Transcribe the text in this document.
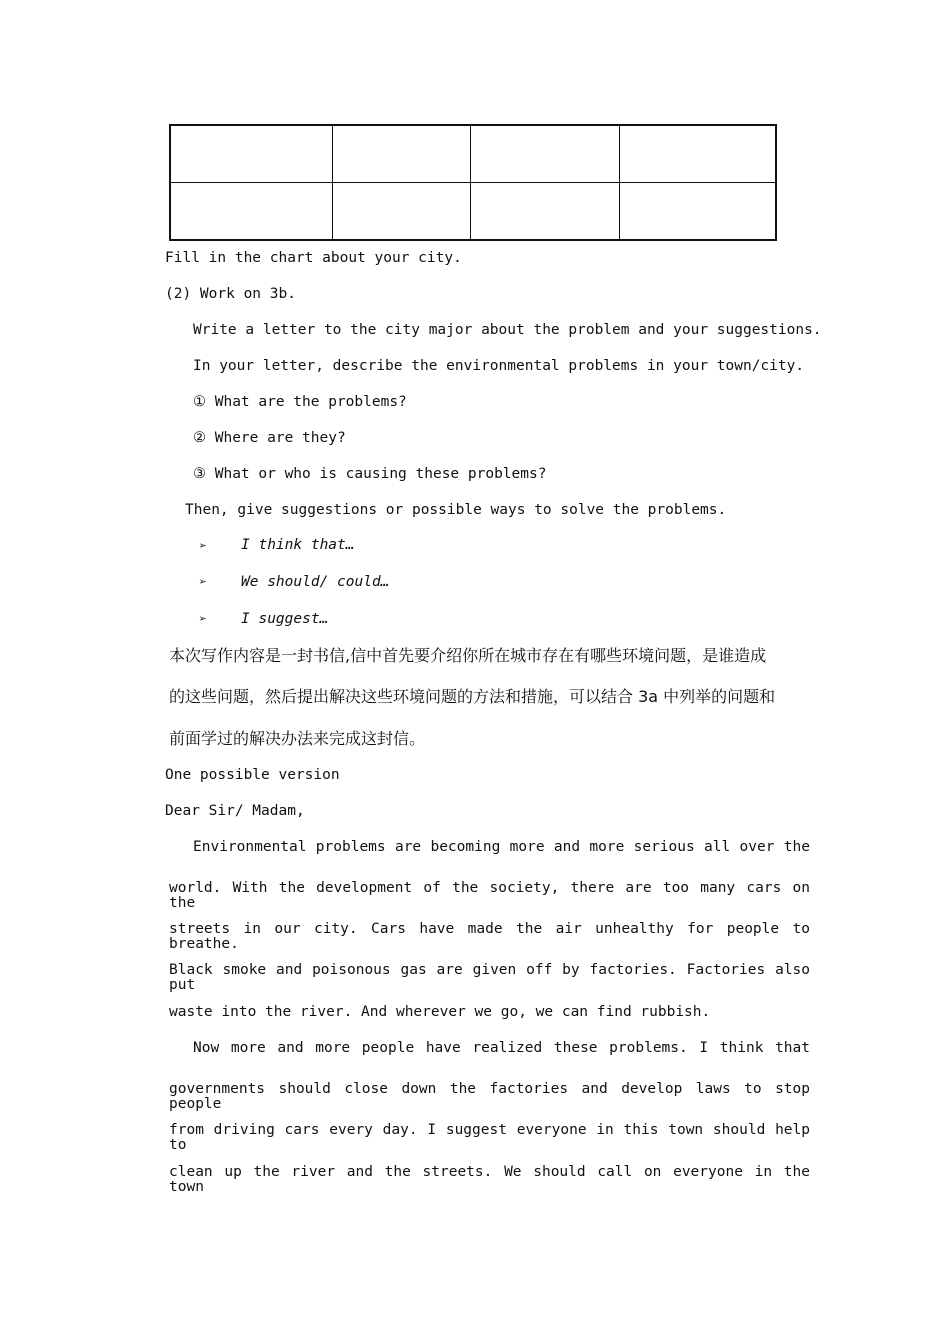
Fill in the chart about your city.
(2) Work on 3b.
Write a letter to the city major about the problem and your suggestions.
In your letter, describe the environmental problems in your town/city.
① What are the problems?
② Where are they?
③ What or who is causing these problems?
Then, give suggestions or possible ways to solve the problems.
➢ I think that…
➢ We should/ could…
➢ I suggest…
本次写作内容是一封书信,信中首先要介绍你所在城市存在有哪些环境问题，是谁造成
的这些问题，然后提出解决这些环境问题的方法和措施，可以结合 3a 中列举的问题和
前面学过的解决办法来完成这封信。
One possible version
Dear Sir/ Madam,
Environmental problems are becoming more and more serious all over the
world. With the development of the society, there are too many cars on the
streets in our city. Cars have made the air unhealthy for people to breathe.
Black smoke and poisonous gas are given off by factories. Factories also put
waste into the river. And wherever we go, we can find rubbish.
Now more and more people have realized these problems. I think that
governments should close down the factories and develop laws to stop people
from driving cars every day. I suggest everyone in this town should help to
clean up the river and the streets. We should call on everyone in the town
